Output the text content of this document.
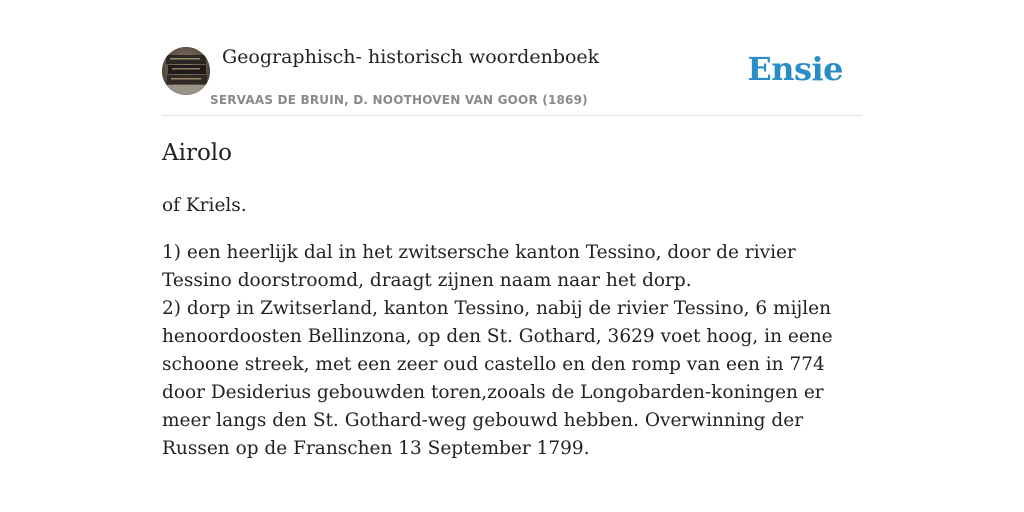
Geographisch- historisch woordenboek
SERVAAS DE BRUIN, D. NOOTHOVEN VAN GOOR (1869)
Ensie
Airolo

of Kriels.

1) een heerlijk dal in het zwitsersche kanton Tessino, door de rivier Tessino doorstroomd, draagt zijnen naam naar het dorp.
2) dorp in Zwitserland, kanton Tessino, nabij de rivier Tessino, 6 mijlen henoordoosten Bellinzona, op den St. Gothard, 3629 voet hoog, in eene schoone streek, met een zeer oud castello en den romp van een in 774 door Desiderius gebouwden toren,zooals de Longobarden-koningen er meer langs den St. Gothard-weg gebouwd hebben. Overwinning der Russen op de Franschen 13 September 1799.
